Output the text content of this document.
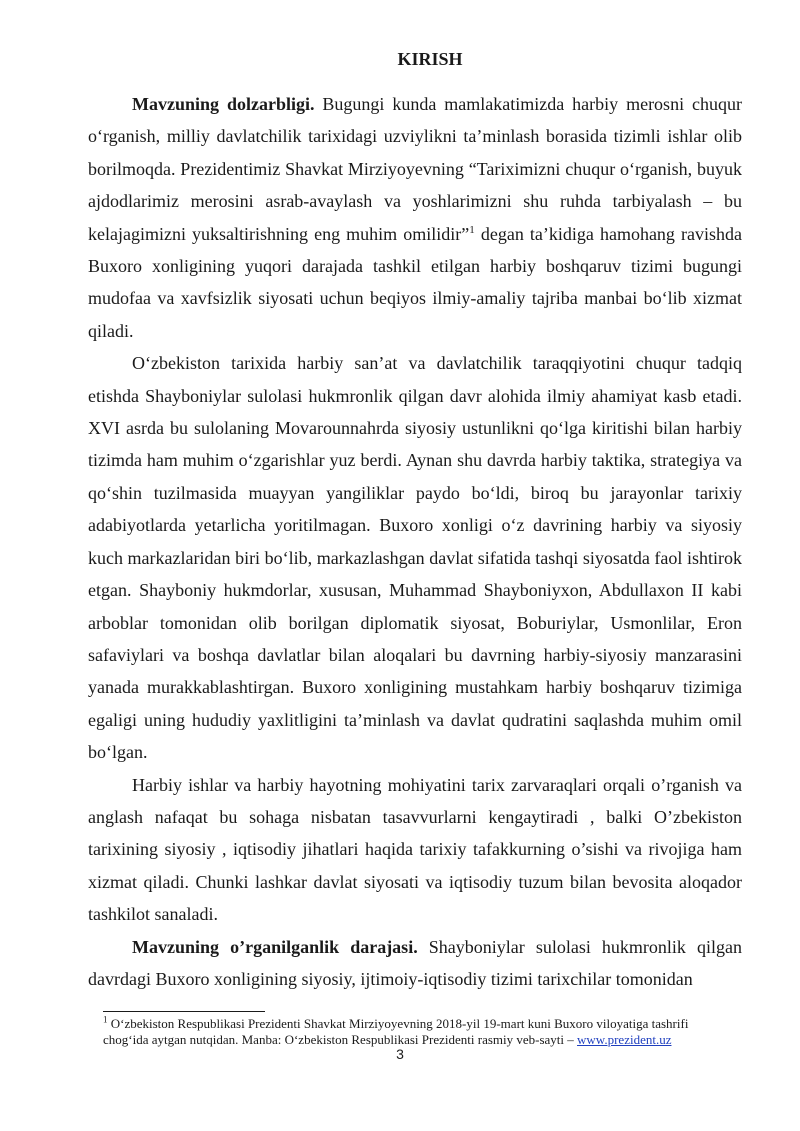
KIRISH

Mavzuning dolzarbligi. Bugungi kunda mamlakatimizda harbiy merosni chuqur o‘rganish, milliy davlatchilik tarixidagi uzviylikni ta’minlash borasida tizimli ishlar olib borilmoqda. Prezidentimiz Shavkat Mirziyoyevning “Tariximizni chuqur o‘rganish, buyuk ajdodlarimiz merosini asrab-avaylash va yoshlarimizni shu ruhda tarbiyalash – bu kelajagimizni yuksaltirishning eng muhim omilidir”$^1$ degan ta’kidiga hamohang ravishda Buxoro xonligining yuqori darajada tashkil etilgan harbiy boshqaruv tizimi bugungi mudofaa va xavfsizlik siyosati uchun beqiyos ilmiy-amaliy tajriba manbai bo‘lib xizmat qiladi.

O‘zbekiston tarixida harbiy san’at va davlatchilik taraqqiyotini chuqur tadqiq etishda Shayboniylar sulolasi hukmronlik qilgan davr alohida ilmiy ahamiyat kasb etadi. XVI asrda bu sulolaning Movarounnahrda siyosiy ustunlikni qo‘lga kiritishi bilan harbiy tizimda ham muhim o‘zgarishlar yuz berdi. Aynan shu davrda harbiy taktika, strategiya va qo‘shin tuzilmasida muayyan yangiliklar paydo bo‘ldi, biroq bu jarayonlar tarixiy adabiyotlarda yetarlicha yoritilmagan. Buxoro xonligi o‘z davrining harbiy va siyosiy kuch markazlaridan biri bo‘lib, markazlashgan davlat sifatida tashqi siyosatda faol ishtirok etgan. Shayboniy hukmdorlar, xususan, Muhammad Shayboniyxon, Abdullaxon II kabi arboblar tomonidan olib borilgan diplomatik siyosat, Boburiylar, Usmonlilar, Eron safaviylari va boshqa davlatlar bilan aloqalari bu davrning harbiy-siyosiy manzarasini yanada murakkablashtirgan. Buxoro xonligining mustahkam harbiy boshqaruv tizimiga egaligi uning hududiy yaxlitligini ta’minlash va davlat qudratini saqlashda muhim omil bo‘lgan.

Harbiy ishlar va harbiy hayotning mohiyatini tarix zarvaraqlari orqali o’rganish va anglash nafaqat bu sohaga nisbatan tasavvurlarni kengaytiradi , balki O’zbekiston tarixining siyosiy , iqtisodiy jihatlari haqida tarixiy tafakkurning o’sishi va rivojiga ham xizmat qiladi. Chunki lashkar davlat siyosati va iqtisodiy tuzum bilan bevosita aloqador tashkilot sanaladi.

Mavzuning o’rganilganlik darajasi. Shayboniylar sulolasi hukmronlik qilgan davrdagi Buxoro xonligining siyosiy, ijtimoiy-iqtisodiy tizimi tarixchilar tomonidan

$^1$ O‘zbekiston Respublikasi Prezidenti Shavkat Mirziyoyevning 2018-yil 19-mart kuni Buxoro viloyatiga tashrifi chog‘ida aytgan nutqidan. Manba: O‘zbekiston Respublikasi Prezidenti rasmiy veb-sayti – www.prezident.uz
3
